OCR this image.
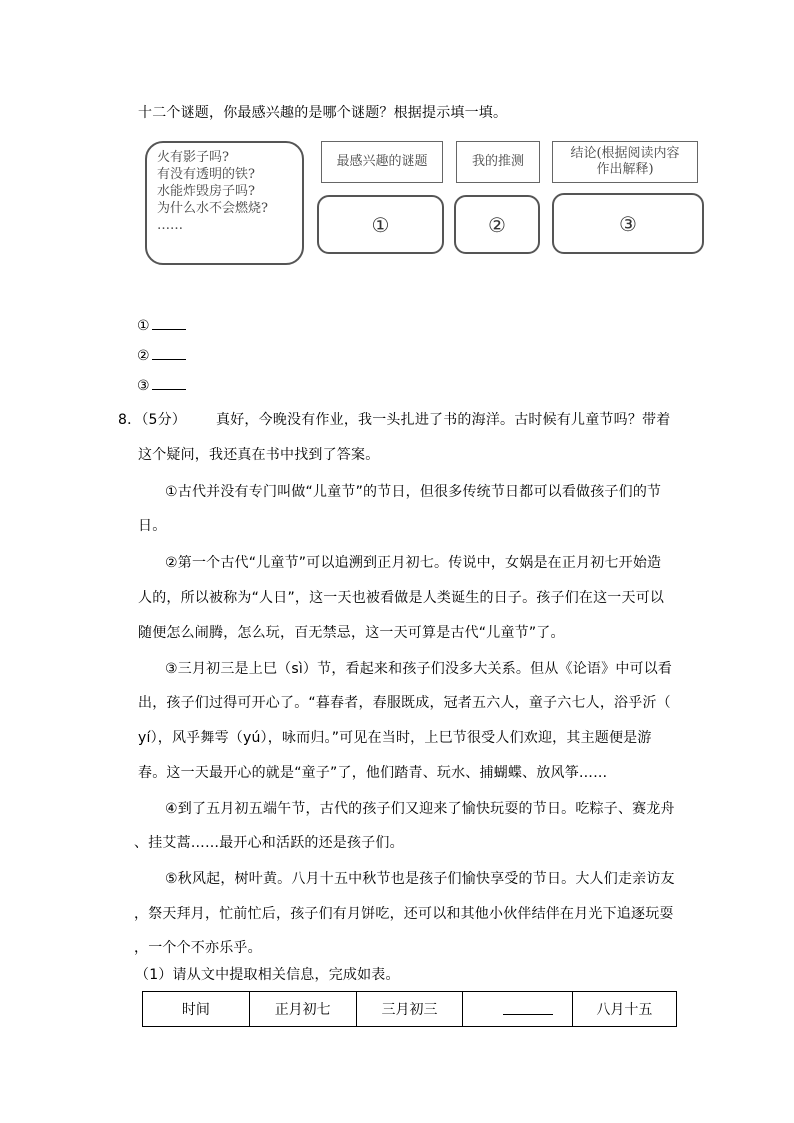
十二个谜题，你最感兴趣的是哪个谜题？根据提示填一填。
火有影子吗?
有没有透明的铁?
水能炸毁房子吗?
为什么水不会燃烧?
……
最感兴趣的谜题	我的推测
结论(根据阅读内容
作出解释)
①	②	③
①
②
③
8．（5分） 真好，今晚没有作业，我一头扎进了书的海洋。古时候有儿童节吗？带着
这个疑问，我还真在书中找到了答案。
①古代并没有专门叫做“儿童节”的节日，但很多传统节日都可以看做孩子们的节
日。
②第一个古代“儿童节”可以追溯到正月初七。传说中，女娲是在正月初七开始造
人的，所以被称为“人日”，这一天也被看做是人类诞生的日子。孩子们在这一天可以
随便怎么闹腾，怎么玩，百无禁忌，这一天可算是古代“儿童节”了。
③三月初三是上巳（sì）节，看起来和孩子们没多大关系。但从《论语》中可以看
出，孩子们过得可开心了。“暮春者，春服既成，冠者五六人，童子六七人，浴乎沂（
yí），风乎舞雩（yú），咏而归。”可见在当时，上巳节很受人们欢迎，其主题便是游
春。这一天最开心的就是“童子”了，他们踏青、玩水、捕蝴蝶、放风筝……
④到了五月初五端午节，古代的孩子们又迎来了愉快玩耍的节日。吃粽子、赛龙舟
、挂艾蒿……最开心和活跃的还是孩子们。
⑤秋风起，树叶黄。八月十五中秋节也是孩子们愉快享受的节日。大人们走亲访友
，祭天拜月，忙前忙后，孩子们有月饼吃，还可以和其他小伙伴结伴在月光下追逐玩耍
，一个个不亦乐乎。
（1）请从文中提取相关信息，完成如表。
时间	正月初七	三月初三		八月十五
